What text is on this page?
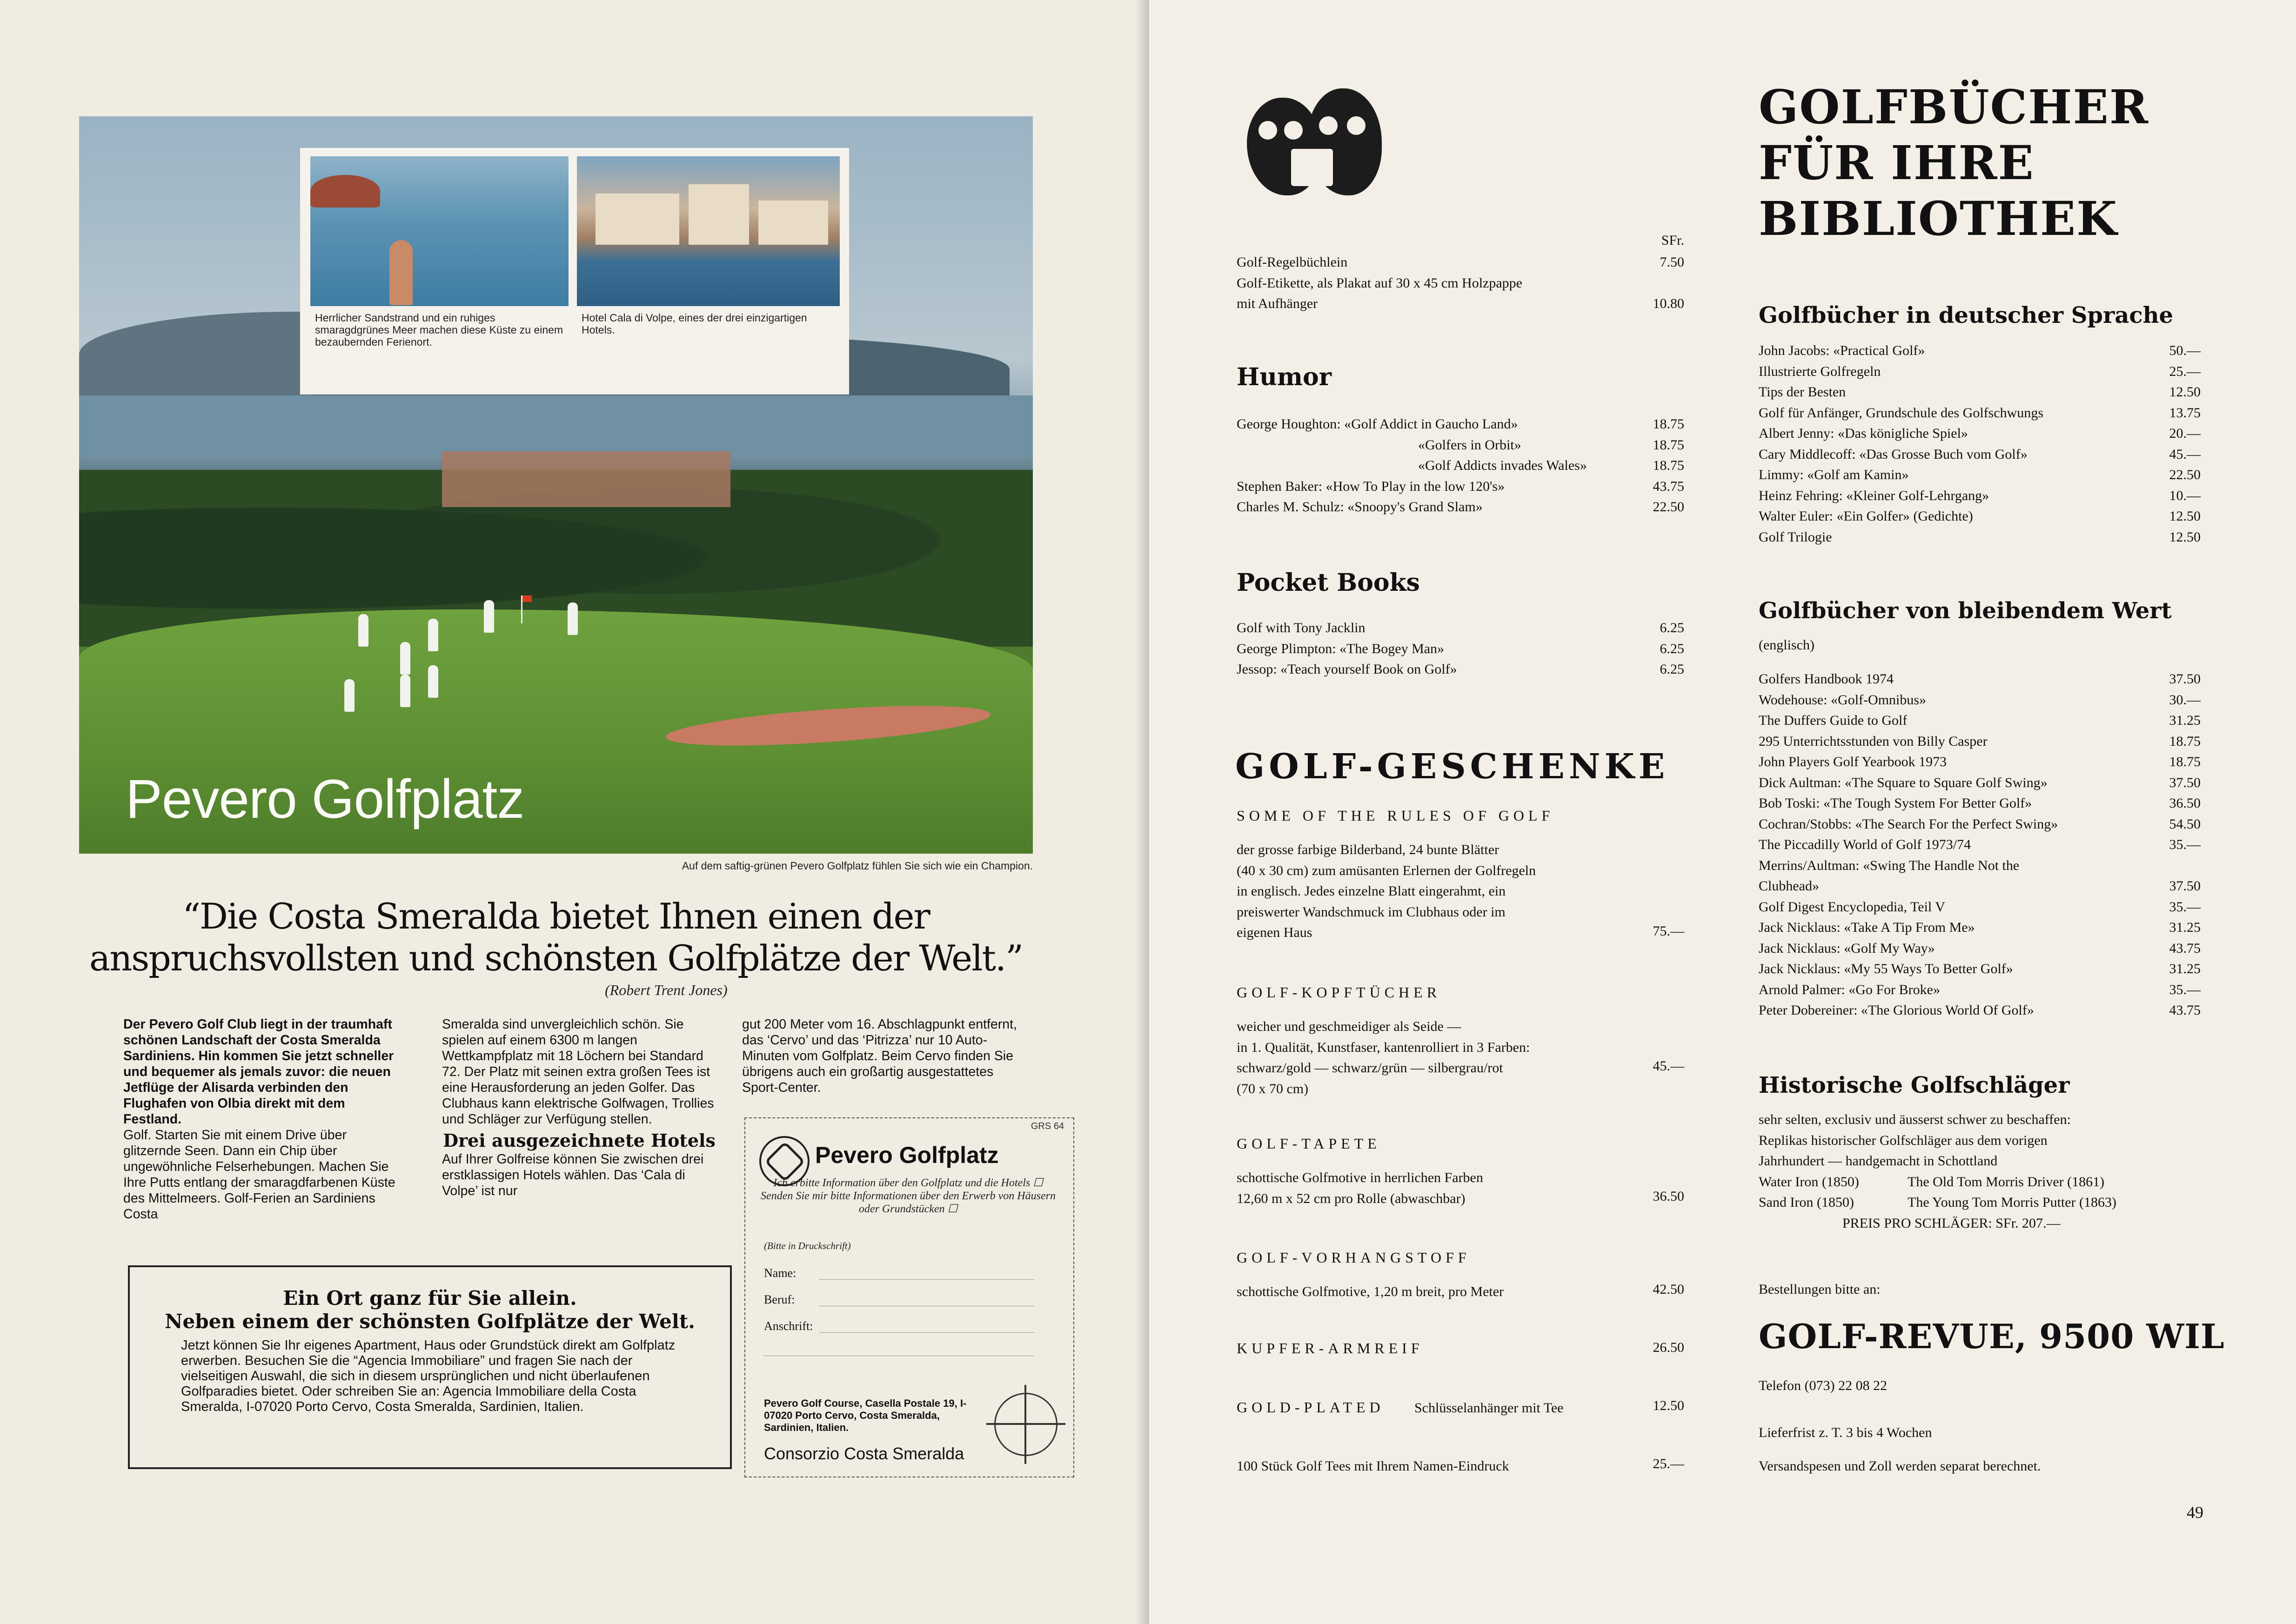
Herrlicher Sandstrand und ein ruhiges smaragdgrünes Meer machen diese Küste zu einem bezaubernden Ferienort.
Hotel Cala di Volpe, eines der drei einzigartigen Hotels.
Pevero Golfplatz
Auf dem saftig-grünen Pevero Golfplatz fühlen Sie sich wie ein Champion.
“Die Costa Smeralda bietet Ihnen einen der
anspruchsvollsten und schönsten Golfplätze der Welt.”
(Robert Trent Jones)

Der Pevero Golf Club liegt in der traumhaft schönen Landschaft der Costa Smeralda Sardiniens. Hin kommen Sie jetzt schneller und bequemer als jemals zuvor: die neuen Jetflüge der Alisarda verbinden den Flughafen von Olbia direkt mit dem Festland.

Golf. Starten Sie mit einem Drive über glitzernde Seen. Dann ein Chip über ungewöhnliche Felserhebungen. Machen Sie Ihre Putts entlang der smaragdfarbenen Küste des Mittelmeers. Golf-Ferien an Sardiniens Costa

Smeralda sind unvergleichlich schön. Sie spielen auf einem 6300 m langen Wettkampfplatz mit 18 Löchern bei Standard 72. Der Platz mit seinen extra großen Tees ist eine Herausforderung an jeden Golfer. Das Clubhaus kann elektrische Golfwagen, Trollies und Schläger zur Verfügung stellen.

Drei ausgezeichnete Hotels

Auf Ihrer Golfreise können Sie zwischen drei erstklassigen Hotels wählen. Das ‘Cala di Volpe’ ist nur

gut 200 Meter vom 16. Abschlagpunkt entfernt, das ‘Cervo’ und das ‘Pitrizza’ nur 10 Auto-Minuten vom Golfplatz. Beim Cervo finden Sie übrigens auch ein großartig ausgestattetes Sport-Center.

GRS 64
Pevero Golfplatz
Ich erbitte Information über den Golfplatz und die Hotels ☐ Senden Sie mir bitte Informationen über den Erwerb von Häusern oder Grundstücken ☐
(Bitte in Druckschrift)
Name:
Beruf:
Anschrift:
Pevero Golf Course, Casella Postale 19, I-07020 Porto Cervo, Costa Smeralda, Sardinien, Italien.
Consorzio Costa Smeralda
Ein Ort ganz für Sie allein.
Neben einem der schönsten Golfplätze der Welt.
Jetzt können Sie Ihr eigenes Apartment, Haus oder Grundstück direkt am Golfplatz erwerben. Besuchen Sie die “Agencia Immobiliare” und fragen Sie nach der vielseitigen Auswahl, die sich in diesem ursprünglichen und nicht überlaufenen Golfparadies bietet. Oder schreiben Sie an: Agencia Immobiliare della Costa Smeralda, I-07020 Porto Cervo, Costa Smeralda, Sardinien, Italien.
GOLFBÜCHER
FÜR IHRE
BIBLIOTHEK
SFr.
Golf-Regelbüchlein	7.50
Golf-Etikette, als Plakat auf 30 x 45 cm Holzpappe
mit Aufhänger	10.80
Humor
George Houghton: «Golf Addict in Gaucho Land»	18.75
«Golfers in Orbit»	18.75
«Golf Addicts invades Wales»	18.75
Stephen Baker: «How To Play in the low 120's»	43.75
Charles M. Schulz: «Snoopy's Grand Slam»	22.50
Pocket Books
Golf with Tony Jacklin	6.25
George Plimpton: «The Bogey Man»	6.25
Jessop: «Teach yourself Book on Golf»	6.25
GOLF-GESCHENKE
SOME OF THE RULES OF GOLF
der grosse farbige Bilderband, 24 bunte Blätter
(40 x 30 cm) zum amüsanten Erlernen der Golfregeln
in englisch. Jedes einzelne Blatt eingerahmt, ein
preiswerter Wandschmuck im Clubhaus oder im
eigenen Haus	75.—
GOLF-KOPFTÜCHER
weicher und geschmeidiger als Seide —
in 1. Qualität, Kunstfaser, kantenrolliert in 3 Farben:
schwarz/gold — schwarz/grün — silbergrau/rot
(70 x 70 cm)
45.—
GOLF-TAPETE
schottische Golfmotive in herrlichen Farben
12,60 m x 52 cm pro Rolle (abwaschbar)	36.50
GOLF-VORHANGSTOFF
schottische Golfmotive, 1,20 m breit, pro Meter	42.50
KUPFER-ARMREIF	26.50
GOLD-PLATED Schlüsselanhänger mit Tee	12.50
100 Stück Golf Tees mit Ihrem Namen-Eindruck	25.—
Golfbücher in deutscher Sprache
John Jacobs: «Practical Golf»	50.—
Illustrierte Golfregeln	25.—
Tips der Besten	12.50
Golf für Anfänger, Grundschule des Golfschwungs	13.75
Albert Jenny: «Das königliche Spiel»	20.—
Cary Middlecoff: «Das Grosse Buch vom Golf»	45.—
Limmy: «Golf am Kamin»	22.50
Heinz Fehring: «Kleiner Golf-Lehrgang»	10.—
Walter Euler: «Ein Golfer» (Gedichte)	12.50
Golf Trilogie	12.50
Golfbücher von bleibendem Wert
(englisch)
Golfers Handbook 1974	37.50
Wodehouse: «Golf-Omnibus»	30.—
The Duffers Guide to Golf	31.25
295 Unterrichtsstunden von Billy Casper	18.75
John Players Golf Yearbook 1973	18.75
Dick Aultman: «The Square to Square Golf Swing»	37.50
Bob Toski: «The Tough System For Better Golf»	36.50
Cochran/Stobbs: «The Search For the Perfect Swing»	54.50
The Piccadilly World of Golf 1973/74	35.—
Merrins/Aultman: «Swing The Handle Not the
Clubhead»	37.50
Golf Digest Encyclopedia, Teil V	35.—
Jack Nicklaus: «Take A Tip From Me»	31.25
Jack Nicklaus: «Golf My Way»	43.75
Jack Nicklaus: «My 55 Ways To Better Golf»	31.25
Arnold Palmer: «Go For Broke»	35.—
Peter Dobereiner: «The Glorious World Of Golf»	43.75
Historische Golfschläger
sehr selten, exclusiv und äusserst schwer zu beschaffen:
Replikas historischer Golfschläger aus dem vorigen
Jahrhundert — handgemacht in Schottland
Water Iron (1850)	The Old Tom Morris Driver (1861)
Sand Iron (1850)	The Young Tom Morris Putter (1863)
PREIS PRO SCHLÄGER: SFr. 207.—
Bestellungen bitte an:
GOLF-REVUE, 9500 WIL
Telefon (073) 22 08 22
Lieferfrist z. T. 3 bis 4 Wochen
Versandspesen und Zoll werden separat berechnet.
49
